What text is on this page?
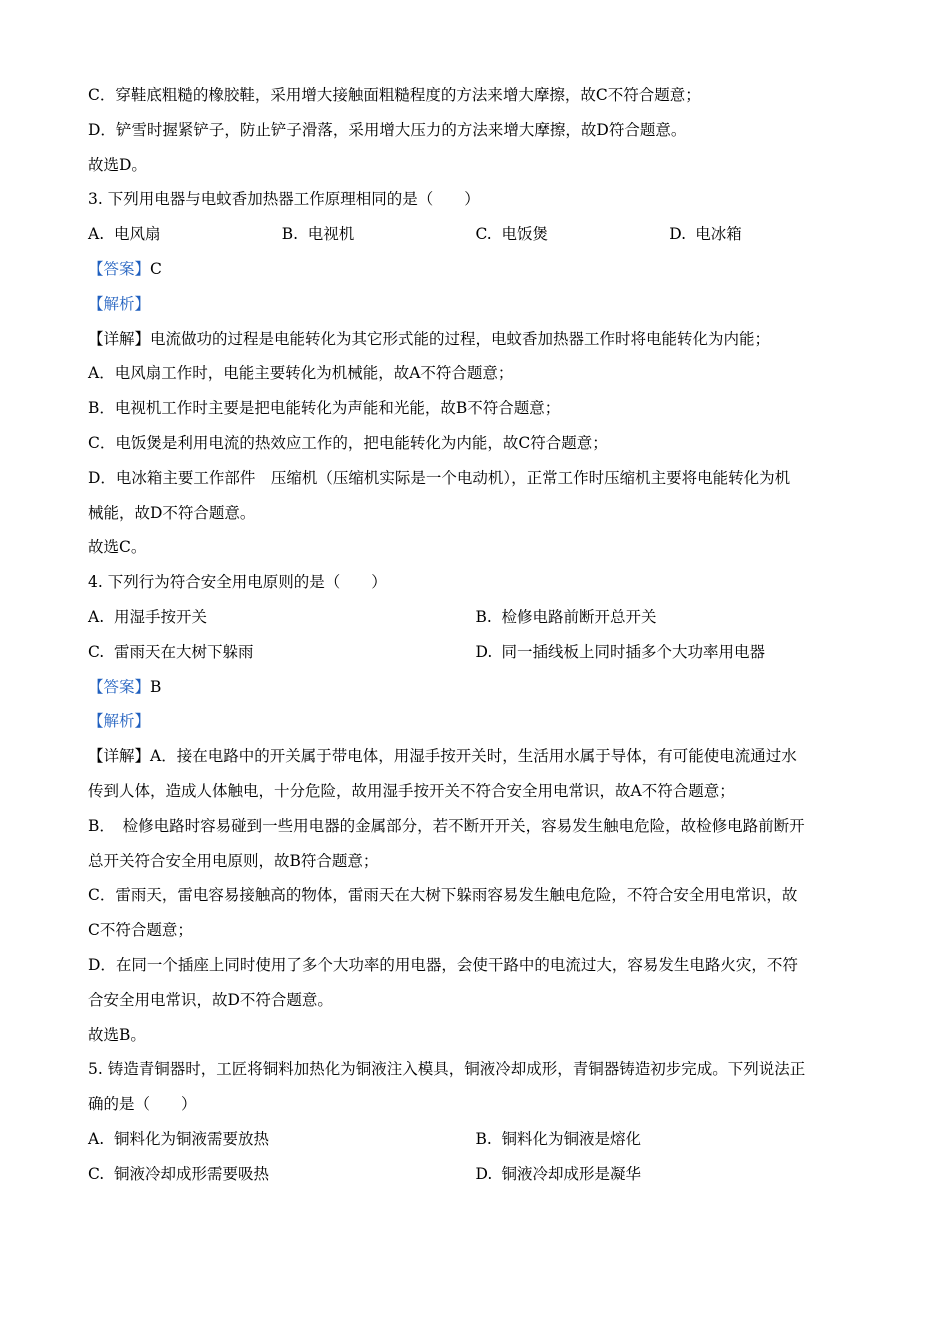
C．穿鞋底粗糙的橡胶鞋，采用增大接触面粗糙程度的方法来增大摩擦，故C不符合题意；
D．铲雪时握紧铲子，防止铲子滑落，采用增大压力的方法来增大摩擦，故D符合题意。
故选D。
3. 下列用电器与电蚊香加热器工作原理相同的是（　　）
A. 电风扇	B. 电视机	C. 电饭煲	D. 电冰箱
【答案】C
【解析】
【详解】电流做功的过程是电能转化为其它形式能的过程，电蚊香加热器工作时将电能转化为内能；
A．电风扇工作时，电能主要转化为机械能，故A不符合题意；
B．电视机工作时主要是把电能转化为声能和光能，故B不符合题意；
C．电饭煲是利用电流的热效应工作的，把电能转化为内能，故C符合题意；
D．电冰箱主要工作部件　压缩机（压缩机实际是一个电动机），正常工作时压缩机主要将电能转化为机
械能，故D不符合题意。
故选C。
4. 下列行为符合安全用电原则的是（　　）
A. 用湿手按开关	B. 检修电路前断开总开关
C. 雷雨天在大树下躲雨	D. 同一插线板上同时插多个大功率用电器
【答案】B
【解析】
【详解】A．接在电路中的开关属于带电体，用湿手按开关时，生活用水属于导体，有可能使电流通过水
传到人体，造成人体触电，十分危险，故用湿手按开关不符合安全用电常识，故A不符合题意；
B．　检修电路时容易碰到一些用电器的金属部分，若不断开开关，容易发生触电危险，故检修电路前断开
总开关符合安全用电原则，故B符合题意；
C．雷雨天，雷电容易接触高的物体，雷雨天在大树下躲雨容易发生触电危险，不符合安全用电常识，故
C不符合题意；
D．在同一个插座上同时使用了多个大功率的用电器，会使干路中的电流过大，容易发生电路火灾，不符
合安全用电常识，故D不符合题意。
故选B。
5. 铸造青铜器时，工匠将铜料加热化为铜液注入模具，铜液冷却成形，青铜器铸造初步完成。下列说法正
确的是（　　）
A. 铜料化为铜液需要放热	B. 铜料化为铜液是熔化
C. 铜液冷却成形需要吸热	D. 铜液冷却成形是凝华
